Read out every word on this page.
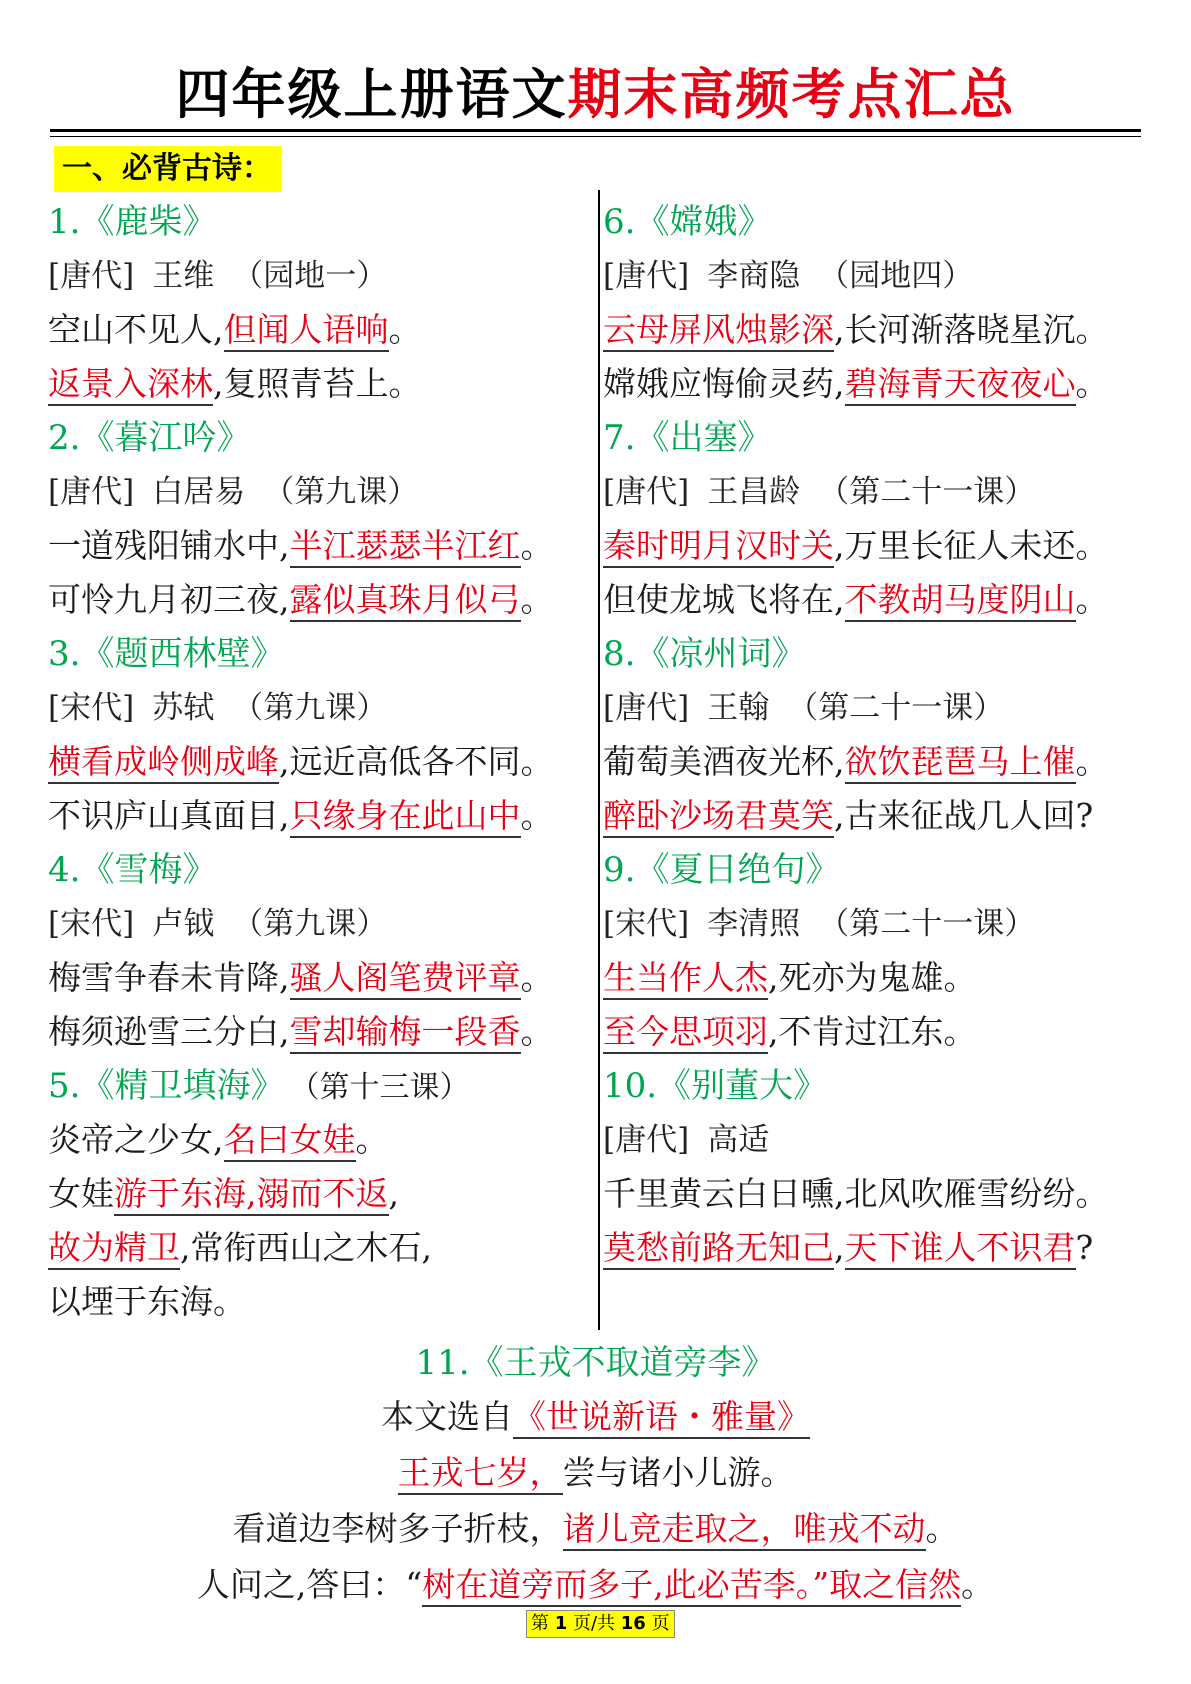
四年级上册语文期末高频考点汇总
一、必背古诗：
1.《鹿柴》
[唐代] 王维 （园地一）
空山不见人,但闻人语响。
返景入深林,复照青苔上。
2.《暮江吟》
[唐代] 白居易 （第九课）
一道残阳铺水中,半江瑟瑟半江红。
可怜九月初三夜,露似真珠月似弓。
3.《题西林壁》
[宋代] 苏轼 （第九课）
横看成岭侧成峰,远近高低各不同。
不识庐山真面目,只缘身在此山中。
4.《雪梅》
[宋代] 卢钺 （第九课）
梅雪争春未肯降,骚人阁笔费评章。
梅须逊雪三分白,雪却输梅一段香。
5.《精卫填海》 （第十三课）
炎帝之少女,名曰女娃。
女娃游于东海,溺而不返,
故为精卫,常衔西山之木石,
以堙于东海。
6.《嫦娥》
[唐代] 李商隐 （园地四）
云母屏风烛影深,长河渐落晓星沉。
嫦娥应悔偷灵药,碧海青天夜夜心。
7.《出塞》
[唐代] 王昌龄 （第二十一课）
秦时明月汉时关,万里长征人未还。
但使龙城飞将在,不教胡马度阴山。
8.《凉州词》
[唐代] 王翰 （第二十一课）
葡萄美酒夜光杯,欲饮琵琶马上催。
醉卧沙场君莫笑,古来征战几人回?
9.《夏日绝句》
[宋代] 李清照 （第二十一课）
生当作人杰,死亦为鬼雄。
至今思项羽,不肯过江东。
10.《别董大》
[唐代] 高适
千里黄云白日曛,北风吹雁雪纷纷。
莫愁前路无知己,天下谁人不识君?
11.《王戎不取道旁李》
本文选自《世说新语・雅量》
王戎七岁，尝与诸小儿游。
看道边李树多子折枝，诸儿竞走取之，唯戎不动。
人问之,答曰：“树在道旁而多子,此必苦李。”取之信然。
第 1 页/共 16 页
